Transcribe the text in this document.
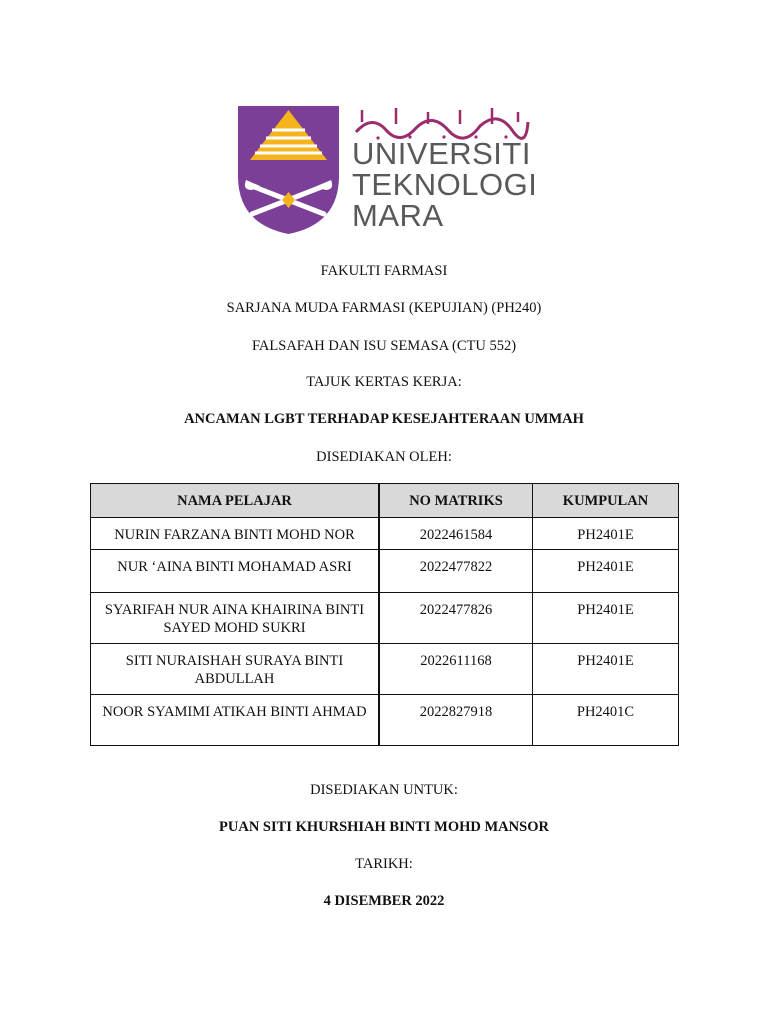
UNIVERSITI
TEKNOLOGI
MARA
FAKULTI FARMASI
SARJANA MUDA FARMASI (KEPUJIAN) (PH240)
FALSAFAH DAN ISU SEMASA (CTU 552)
TAJUK KERTAS KERJA:
ANCAMAN LGBT TERHADAP KESEJAHTERAAN UMMAH
DISEDIAKAN OLEH:
NAMA PELAJAR	NO MATRIKS	KUMPULAN
NURIN FARZANA BINTI MOHD NOR	2022461584	PH2401E
NUR ‘AINA BINTI MOHAMAD ASRI	2022477822	PH2401E
SYARIFAH NUR AINA KHAIRINA BINTI SAYED MOHD SUKRI	2022477826	PH2401E
SITI NURAISHAH SURAYA BINTI ABDULLAH	2022611168	PH2401E
NOOR SYAMIMI ATIKAH BINTI AHMAD	2022827918	PH2401C
DISEDIAKAN UNTUK:
PUAN SITI KHURSHIAH BINTI MOHD MANSOR
TARIKH:
4 DISEMBER 2022
